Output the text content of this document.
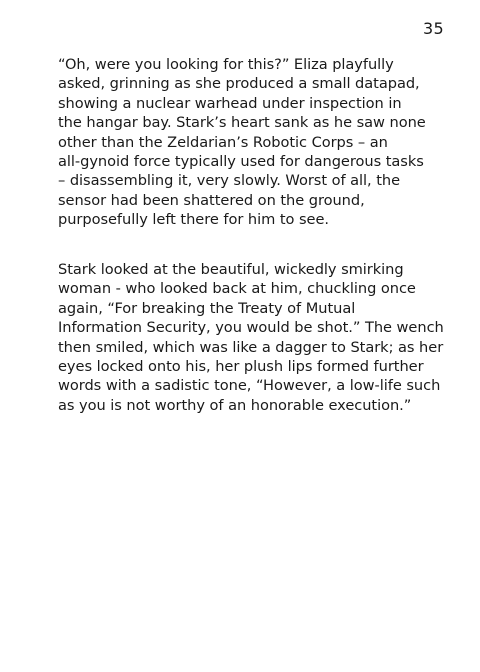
35
“Oh, were you looking for this?” Eliza playfully
asked, grinning as she produced a small datapad,
showing a nuclear warhead under inspection in
the hangar bay. Stark’s heart sank as he saw none
other than the Zeldarian’s Robotic Corps – an
all-gynoid force typically used for dangerous tasks
– disassembling it, very slowly. Worst of all, the
sensor had been shattered on the ground,
purposefully left there for him to see.
Stark looked at the beautiful, wickedly smirking
woman - who looked back at him, chuckling once
again, “For breaking the Treaty of Mutual
Information Security, you would be shot.” The wench
then smiled, which was like a dagger to Stark; as her
eyes locked onto his, her plush lips formed further
words with a sadistic tone, “However, a low-life such
as you is not worthy of an honorable execution.”
